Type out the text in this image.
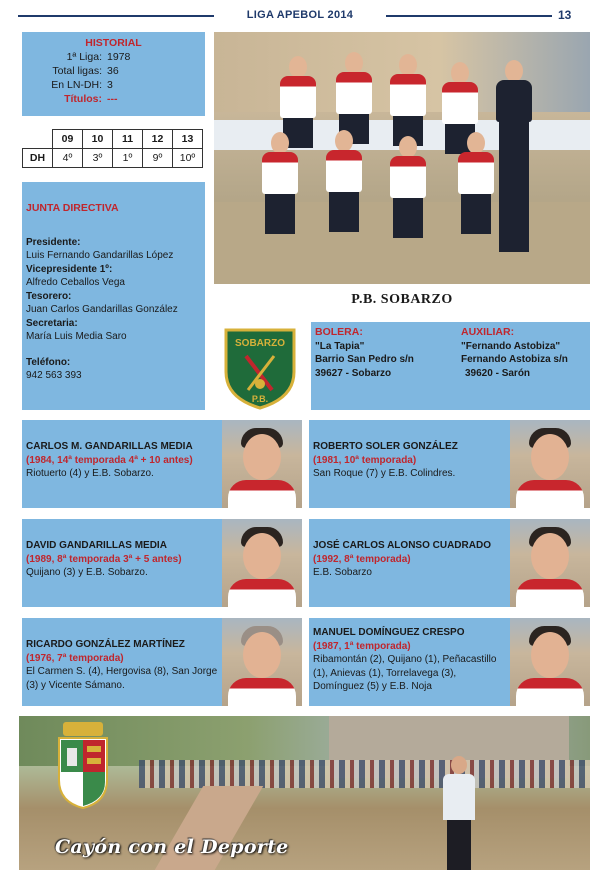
LIGA APEBOL 2014	13
HISTORIAL
1ª Liga: 1978
Total ligas: 36
En LN-DH: 3
Títulos: ---
	09	10	11	12	13
DH	4º	3º	1º	9º	10º
JUNTA DIRECTIVA
Presidente:
Luis Fernando Gandarillas López
Vicepresidente 1º:
Alfredo Ceballos Vega
Tesorero:
Juan Carlos Gandarillas González
Secretaria:
María Luis Media Saro
Teléfono:
942 563 393
P.B. SOBARZO
SOBARZO
P.B.
BOLERA:
"La Tapia"
Barrio San Pedro s/n
39627 - Sobarzo
AUXILIAR:
"Fernando Astobiza"
Fernando Astobiza s/n
39620 - Sarón
CARLOS M. GANDARILLAS MEDIA
(1984, 14ª temporada 4ª + 10 antes)
Riotuerto (4) y E.B. Sobarzo.
ROBERTO SOLER GONZÁLEZ
(1981, 10ª temporada)
San Roque (7) y E.B. Colindres.
DAVID GANDARILLAS MEDIA
(1989, 8ª temporada 3ª + 5 antes)
Quijano (3) y E.B. Sobarzo.
JOSÉ CARLOS ALONSO CUADRADO
(1992, 8ª temporada)
E.B. Sobarzo
RICARDO GONZÁLEZ MARTÍNEZ
(1976, 7ª temporada)
El Carmen S. (4), Hergovisa (8), San Jorge (3) y Vicente Sámano.
MANUEL DOMÍNGUEZ CRESPO
(1987, 1ª temporada)
Ribamontán (2), Quijano (1), Peñacastillo (1), Anievas (1), Torrelavega (3), Domínguez (5) y E.B. Noja
Cayón con el Deporte
